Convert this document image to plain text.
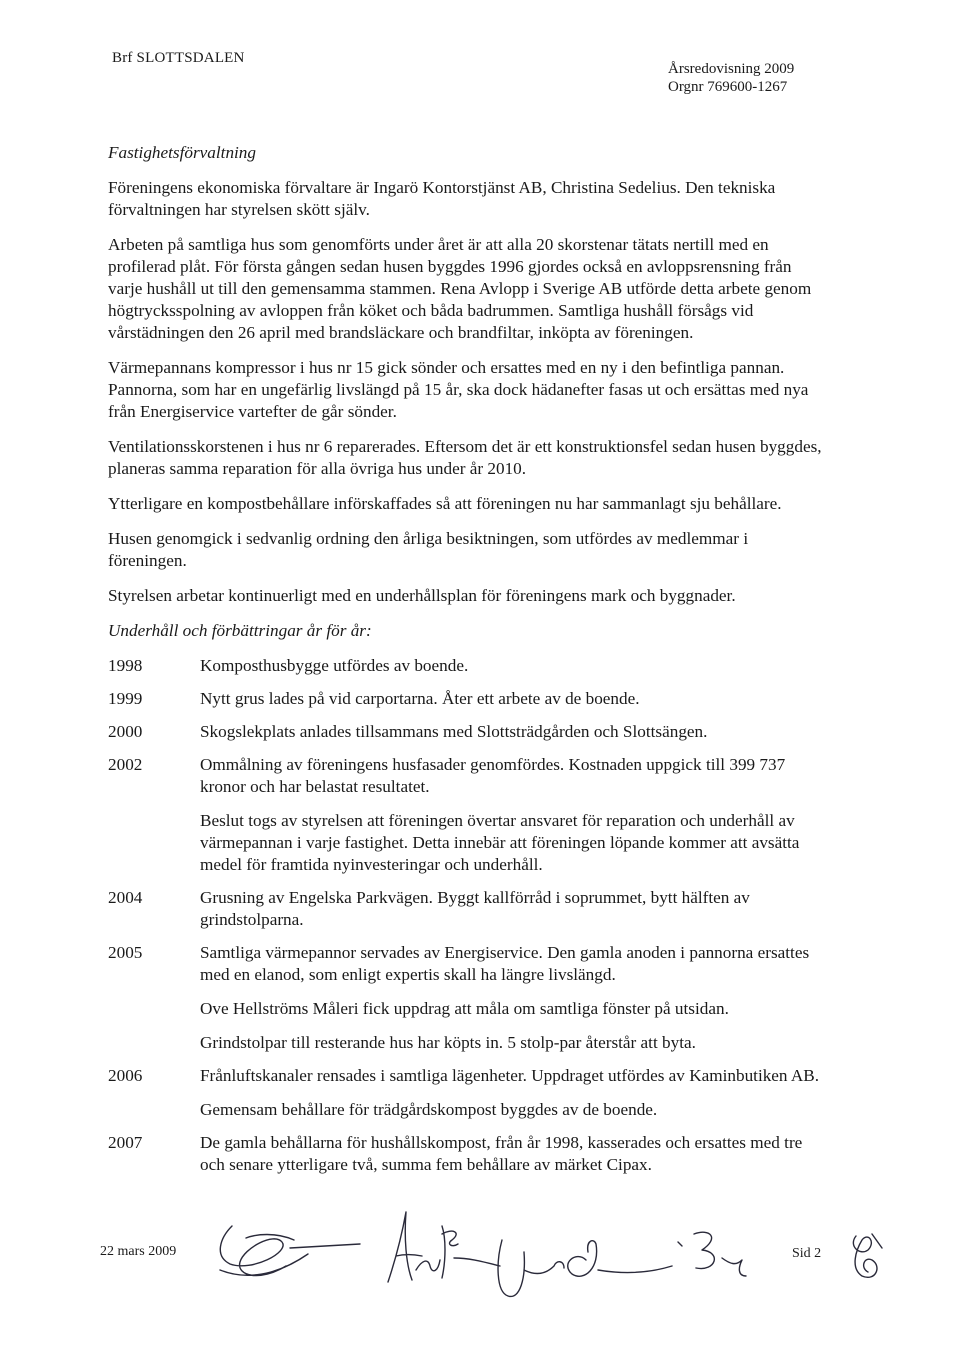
Brf SLOTTSDALEN
Årsredovisning 2009
Orgnr 769600-1267
Fastighetsförvaltning

Föreningens ekonomiska förvaltare är Ingarö Kontorstjänst AB, Christina Sedelius. Den tekniska förvaltningen har styrelsen skött själv.

Arbeten på samtliga hus som genomförts under året är att alla 20 skorstenar tätats nertill med en profilerad plåt. För första gången sedan husen byggdes 1996 gjordes också en avloppsrensning från varje hushåll ut till den gemensamma stammen. Rena Avlopp i Sverige AB utförde detta arbete genom högtrycksspolning av avloppen från köket och båda badrummen. Samtliga hushåll försågs vid vårstädningen den 26 april med brandsläckare och brandfiltar, inköpta av föreningen.

Värmepannans kompressor i hus nr 15 gick sönder och ersattes med en ny i den befintliga pannan. Pannorna, som har en ungefärlig livslängd på 15 år, ska dock hädanefter fasas ut och ersättas med nya från Energiservice vartefter de går sönder.

Ventilationsskorstenen i hus nr 6 reparerades. Eftersom det är ett konstruktionsfel sedan husen byggdes, planeras samma reparation för alla övriga hus under år 2010.

Ytterligare en kompostbehållare införskaffades så att föreningen nu har sammanlagt sju behållare.

Husen genomgick i sedvanlig ordning den årliga besiktningen, som utfördes av medlemmar i föreningen.

Styrelsen arbetar kontinuerligt med en underhållsplan för föreningens mark och byggnader.

Underhåll och förbättringar år för år:
1998	Komposthusbygge utfördes av boende.

1999	Nytt grus lades på vid carportarna. Åter ett arbete av de boende.

2000	Skogslekplats anlades tillsammans med Slottsträdgården och Slottsängen.

2002	Ommålning av föreningens husfasader genomfördes. Kostnaden uppgick till 399 737 kronor och har belastat resultatet.

Beslut togs av styrelsen att föreningen övertar ansvaret för reparation och underhåll av värmepannan i varje fastighet. Detta innebär att föreningen löpande kommer att avsätta medel för framtida nyinvesteringar och underhåll.

2004	Grusning av Engelska Parkvägen. Byggt kallförråd i soprummet, bytt hälften av grindstolparna.

2005	Samtliga värmepannor servades av Energiservice. Den gamla anoden i pannorna ersattes med en elanod, som enligt expertis skall ha längre livslängd.

Ove Hellströms Måleri fick uppdrag att måla om samtliga fönster på utsidan.

Grindstolpar till resterande hus har köpts in. 5 stolp-par återstår att byta.

2006	Frånluftskanaler rensades i samtliga lägenheter. Uppdraget utfördes av Kaminbutiken AB.

Gemensam behållare för trädgårdskompost byggdes av de boende.

2007	De gamla behållarna för hushållskompost, från år 1998, kasserades och ersattes med tre och senare ytterligare två, summa fem behållare av märket Cipax.

22 mars 2009	Sid 2
